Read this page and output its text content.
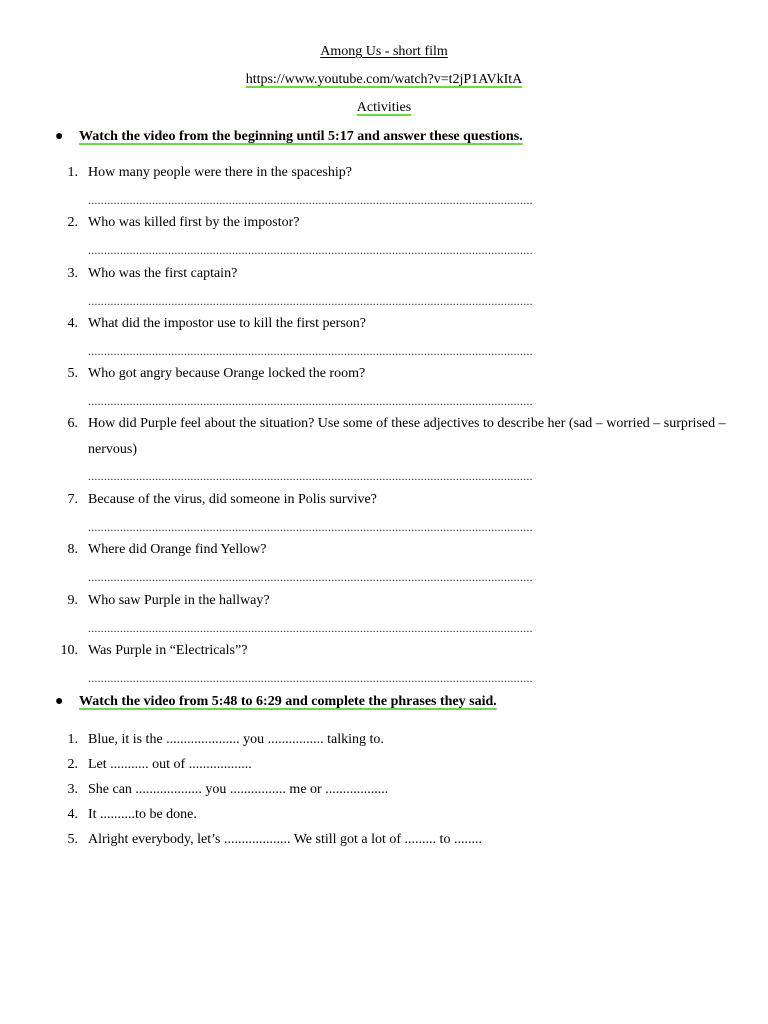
Among Us - short film
https://www.youtube.com/watch?v=t2jP1AVkItA
Activities
● Watch the video from the beginning until 5:17 and answer these questions.
1. How many people were there in the spaceship?
...........................................................................................................................................
2. Who was killed first by the impostor?
...........................................................................................................................................
3. Who was the first captain?
...........................................................................................................................................
4. What did the impostor use to kill the first person?
...........................................................................................................................................
5. Who got angry because Orange locked the room?
...........................................................................................................................................
6. How did Purple feel about the situation? Use some of these adjectives to describe her (sad – worried – surprised – nervous)
...........................................................................................................................................
7. Because of the virus, did someone in Polis survive?
...........................................................................................................................................
8. Where did Orange find Yellow?
...........................................................................................................................................
9. Who saw Purple in the hallway?
...........................................................................................................................................
10. Was Purple in “Electricals”?
...........................................................................................................................................
● Watch the video from 5:48 to 6:29 and complete the phrases they said.
1. Blue, it is the ..................... you ................ talking to.
2. Let ........... out of ..................
3. She can ................... you ................ me or ..................
4. It ..........to be done.
5. Alright everybody, let’s ................... We still got a lot of ......... to ........
